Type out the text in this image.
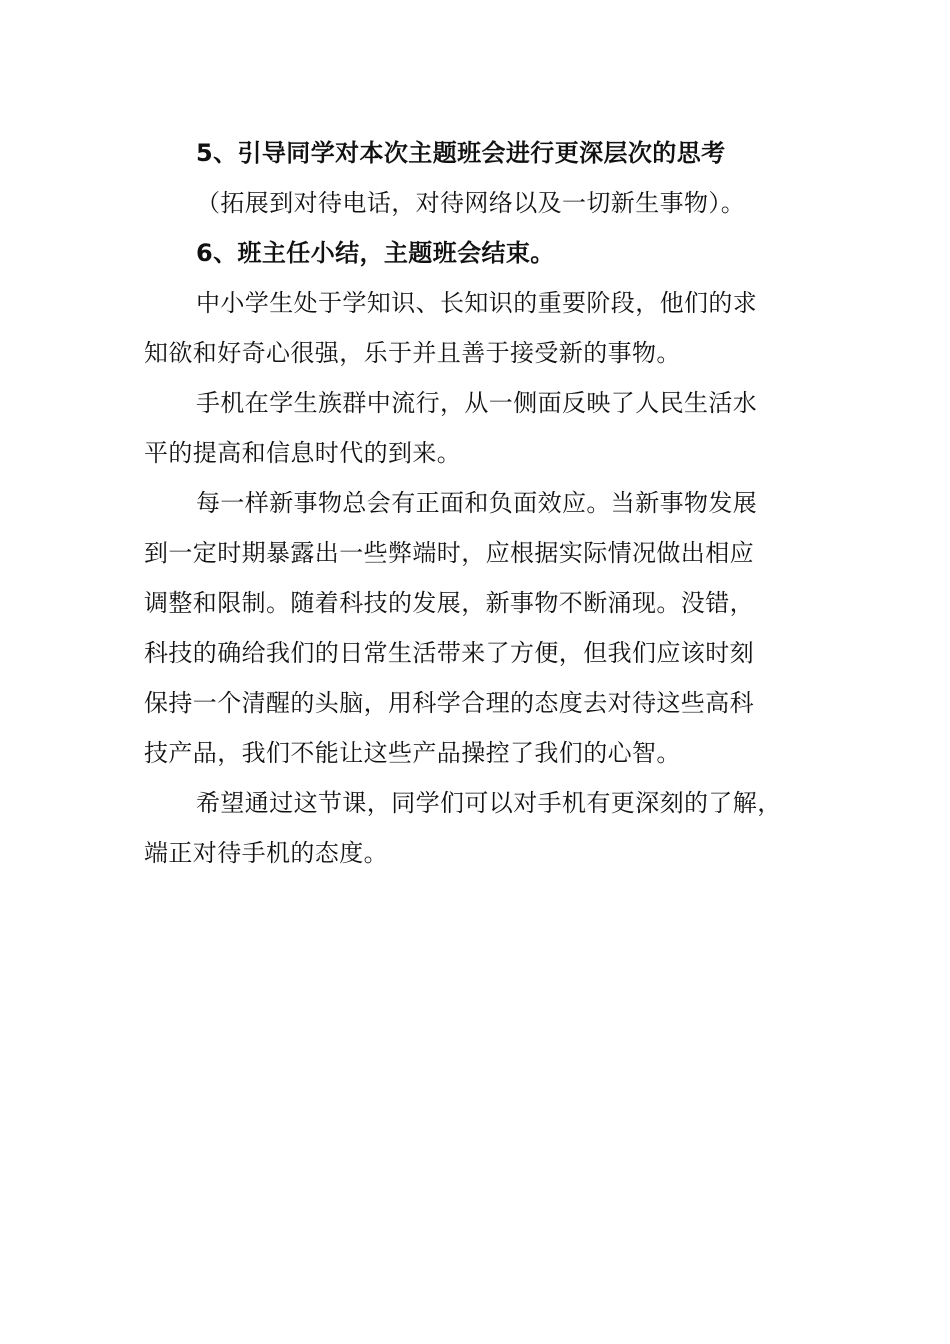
5、引导同学对本次主题班会进行更深层次的思考
（拓展到对待电话，对待网络以及一切新生事物）。
6、班主任小结，主题班会结束。
中小学生处于学知识、长知识的重要阶段，他们的求
知欲和好奇心很强，乐于并且善于接受新的事物。
手机在学生族群中流行，从一侧面反映了人民生活水
平的提高和信息时代的到来。
每一样新事物总会有正面和负面效应。当新事物发展
到一定时期暴露出一些弊端时，应根据实际情况做出相应
调整和限制。随着科技的发展，新事物不断涌现。没错，
科技的确给我们的日常生活带来了方便，但我们应该时刻
保持一个清醒的头脑，用科学合理的态度去对待这些高科
技产品，我们不能让这些产品操控了我们的心智。
希望通过这节课，同学们可以对手机有更深刻的了解，
端正对待手机的态度。
